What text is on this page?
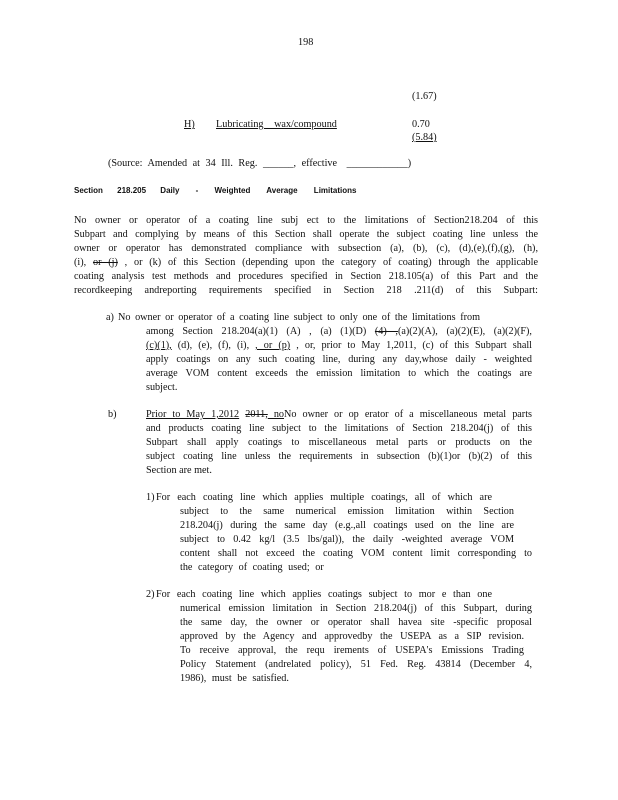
198
(1.67)
H) Lubricating wax/compound	0.70
(5.84)
(Source: Amended at 34 Ill. Reg. ______, effective ____________)
Section 218.205 Daily - Weighted Average Limitations
No owner or operator of a coating line subj ect to the limitations of Section218.204 of this
Subpart and complying by means of this Section shall operate the subject coating line unless the
owner or operator has demonstrated compliance with subsection (a), (b), (c), (d),(e),(f),(g), (h),
(i), or (j) , or (k) of this Section (depending upon the category of coating) through the applicable
coating analysis test methods and procedures specified in Section 218.105(a) of this Part and the
recordkeeping andreporting requirements specified in Section 218 .211(d) of this Subpart:
a) No owner or operator of a coating line subject to only one of the limitations from
among Section 218.204(a)(1) (A) , (a) (1)(D) (4) ,(a)(2)(A), (a)(2)(E), (a)(2)(F),
(c)(1), (d), (e), (f), (i), , or (p) , or, prior to May 1,2011, (c) of this Subpart shall
apply coatings on any such coating line, during any day,whose daily - weighted
average VOM content exceeds the emission limitation to which the coatings are
subject.
b)	Prior to May 1,2012 2011, noNo owner or op erator of a miscellaneous metal parts
and products coating line subject to the limitations of Section 218.204(j) of this
Subpart shall apply coatings to miscellaneous metal parts or products on the
subject coating line unless the requirements in subsection (b)(1)or (b)(2) of this
Section are met.
1) For each coating line which applies multiple coatings, all of which are
subject to the same numerical emission limitation within Section
218.204(j) during the same day (e.g.,all coatings used on the line are
subject to 0.42 kg/l (3.5 lbs/gal)), the daily -weighted average VOM
content shall not exceed the coating VOM content limit corresponding to
the category of coating used; or
2) For each coating line which applies coatings subject to mor e than one
numerical emission limitation in Section 218.204(j) of this Subpart, during
the same day, the owner or operator shall havea site -specific proposal
approved by the Agency and approvedby the USEPA as a SIP revision.
To receive approval, the requ irements of USEPA's Emissions Trading
Policy Statement (andrelated policy), 51 Fed. Reg. 43814 (December 4,
1986), must be satisfied.
